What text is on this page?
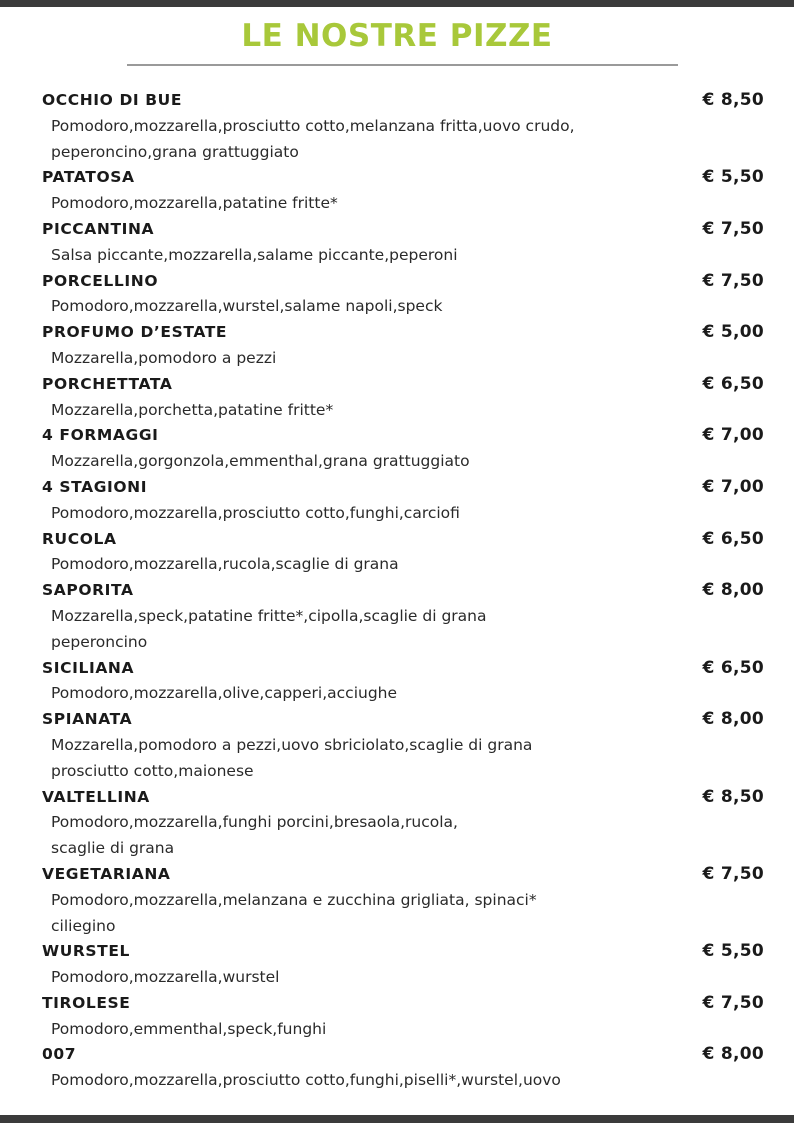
LE NOSTRE PIZZE
OCCHIO DI BUE	€ 8,50
Pomodoro,mozzarella,prosciutto cotto,melanzana fritta,uovo crudo,
peperoncino,grana grattuggiato
PATATOSA	€ 5,50
Pomodoro,mozzarella,patatine fritte*
PICCANTINA	€ 7,50
Salsa piccante,mozzarella,salame piccante,peperoni
PORCELLINO	€ 7,50
Pomodoro,mozzarella,wurstel,salame napoli,speck
PROFUMO D’ESTATE	€ 5,00
Mozzarella,pomodoro a pezzi
PORCHETTATA	€ 6,50
Mozzarella,porchetta,patatine fritte*
4 FORMAGGI	€ 7,00
Mozzarella,gorgonzola,emmenthal,grana grattuggiato
4 STAGIONI	€ 7,00
Pomodoro,mozzarella,prosciutto cotto,funghi,carciofi
RUCOLA	€ 6,50
Pomodoro,mozzarella,rucola,scaglie di grana
SAPORITA	€ 8,00
Mozzarella,speck,patatine fritte*,cipolla,scaglie di grana
peperoncino
SICILIANA	€ 6,50
Pomodoro,mozzarella,olive,capperi,acciughe
SPIANATA	€ 8,00
Mozzarella,pomodoro a pezzi,uovo sbriciolato,scaglie di grana
prosciutto cotto,maionese
VALTELLINA	€ 8,50
Pomodoro,mozzarella,funghi porcini,bresaola,rucola,
scaglie di grana
VEGETARIANA	€ 7,50
Pomodoro,mozzarella,melanzana e zucchina grigliata, spinaci*
ciliegino
WURSTEL	€ 5,50
Pomodoro,mozzarella,wurstel
TIROLESE	€ 7,50
Pomodoro,emmenthal,speck,funghi
007	€ 8,00
Pomodoro,mozzarella,prosciutto cotto,funghi,piselli*,wurstel,uovo
